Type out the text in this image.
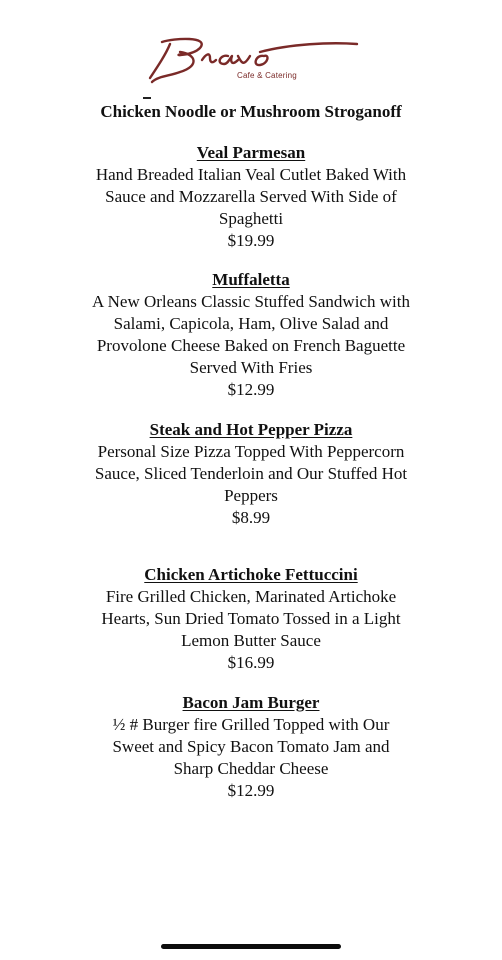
Cafe & Catering
Chicken Noodle or Mushroom Stroganoff

Veal Parmesan

Hand Breaded Italian Veal Cutlet Baked With

Sauce and Mozzarella Served With Side of

Spaghetti

$19.99

Muffaletta

A New Orleans Classic Stuffed Sandwich with

Salami, Capicola, Ham, Olive Salad and

Provolone Cheese Baked on French Baguette

Served With Fries

$12.99

Steak and Hot Pepper Pizza

Personal Size Pizza Topped With Peppercorn

Sauce, Sliced Tenderloin and Our Stuffed Hot

Peppers

$8.99

Chicken Artichoke Fettuccini

Fire Grilled Chicken, Marinated Artichoke

Hearts, Sun Dried Tomato Tossed in a Light

Lemon Butter Sauce

$16.99

Bacon Jam Burger

½ # Burger fire Grilled Topped with Our

Sweet and Spicy Bacon Tomato Jam and

Sharp Cheddar Cheese

$12.99
